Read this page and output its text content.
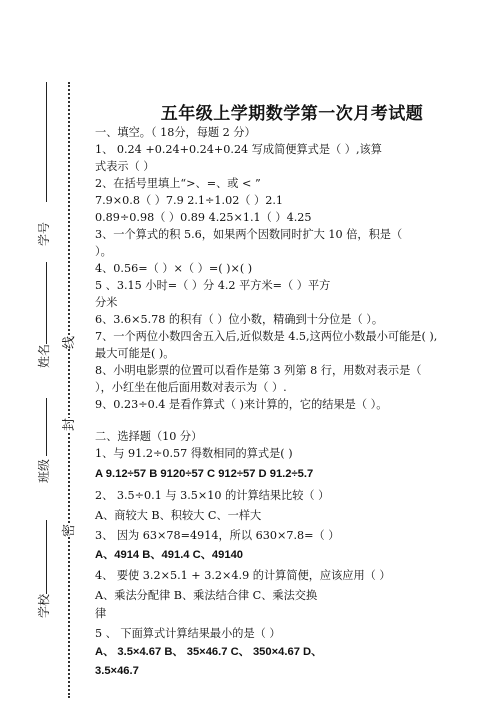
学号
姓名
班级
学校
线
封
密
五年级上学期数学第一次月考试题
一、填空。（ 18分，每题 2 分）
1、 0.24 +0.24+0.24+0.24 写成简便算式是（ ）,该算
式表示（ ）
2、在括号里填上“>、=、或 < ”
7.9×0.8（ ）7.9 2.1÷1.02（ ）2.1
0.89÷0.98（ ）0.89 4.25×1.1（ ）4.25
3、一个算式的积 5.6，如果两个因数同时扩大 10 倍，积是（
）。
4、0.56=（ ）×（ ）=( )×( )
5 、3.15 小时=（ ）分 4.2 平方米=（ ）平方
分米
6、3.6×5.78 的积有（ ）位小数，精确到十分位是（ ）。
7、一个两位小数四舍五入后,近似数是 4.5,这两位小数最小可能是( ),
最大可能是( )。
8、小明电影票的位置可以看作是第 3 列第 8 行，用数对表示是（
），小红坐在他后面用数对表示为（ ）.
9、0.23÷0.4 是看作算式（ )来计算的，它的结果是（ ）。
二、选择题（10 分）
1、与 91.2÷0.57 得数相同的算式是( )
A 9.12÷57 B 9120÷57 C 912÷57 D 91.2÷5.7
2、 3.5÷0.1 与 3.5×10 的计算结果比较（ ）
A、商较大 B、积较大 C、一样大
3、 因为 63×78=4914，所以 630×7.8=（ ）
A、4914 B、491.4 C、49140
4、 要使 3.2×5.1 + 3.2×4.9 的计算简便，应该应用（ ）
A、乘法分配律 B、乘法结合律 C、乘法交换
律
5 、 下面算式计算结果最小的是（ ）
A、 3.5×4.67 B、 35×46.7 C、 350×4.67 D、
3.5×46.7
